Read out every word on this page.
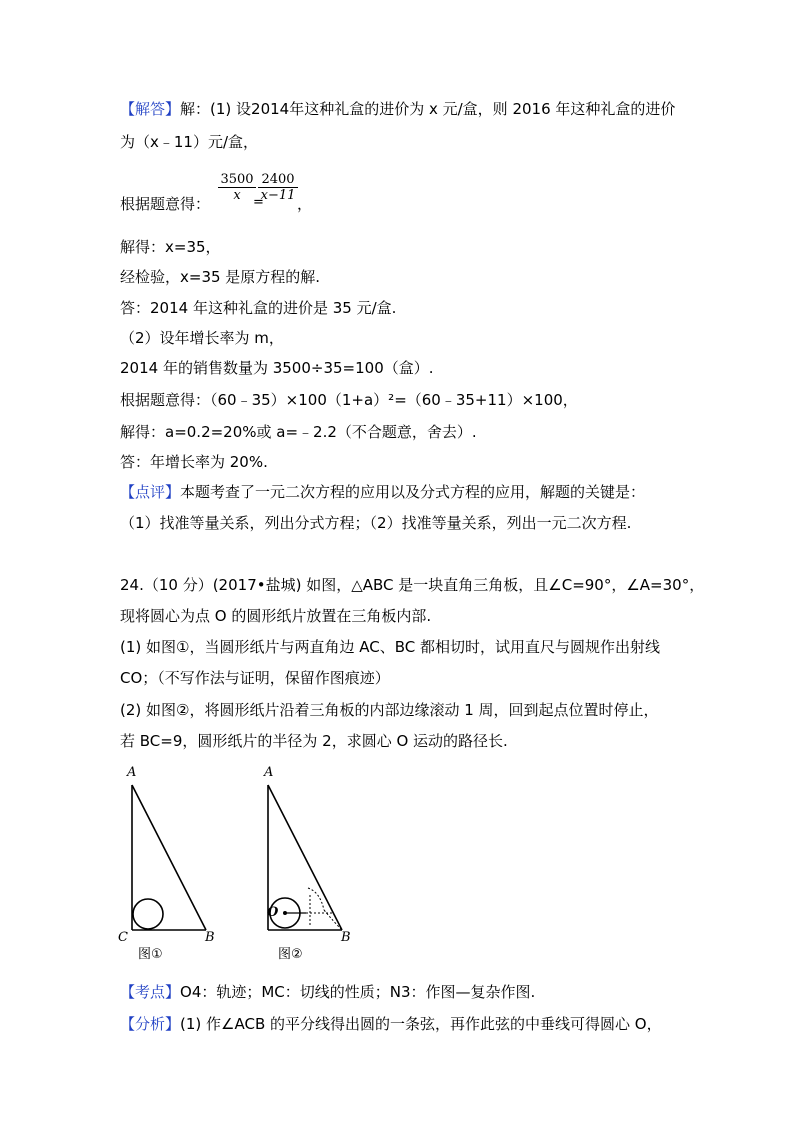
【解答】解：(1) 设2014年这种礼盒的进价为 x 元/盒，则 2016 年这种礼盒的进价
为（x﹣11）元/盒，
根据题意得：
$\frac{3500}{x}$
=
$\frac{2400}{x-11}$
，
解得：x=35，
经检验，x=35 是原方程的解.
答：2014 年这种礼盒的进价是 35 元/盒.
（2）设年增长率为 m，
2014 年的销售数量为 3500÷35=100（盒）.
根据题意得：（60﹣35）×100（1+a）²=（60﹣35+11）×100，
解得：a=0.2=20%或 a=﹣2.2（不合题意，舍去）.
答：年增长率为 20%.
【点评】本题考查了一元二次方程的应用以及分式方程的应用，解题的关键是：
（1）找准等量关系，列出分式方程；（2）找准等量关系，列出一元二次方程.
24.（10 分）(2017•盐城) 如图，△ABC 是一块直角三角板，且∠C=90°，∠A=30°，
现将圆心为点 O 的圆形纸片放置在三角板内部.
(1) 如图①，当圆形纸片与两直角边 AC、BC 都相切时，试用直尺与圆规作出射线
CO；（不写作法与证明，保留作图痕迹）
(2) 如图②，将圆形纸片沿着三角板的内部边缘滚动 1 周，回到起点位置时停止，
若 BC=9，圆形纸片的半径为 2，求圆心 O 运动的路径长.
A
C	B
图①
A
O
B
图②
【考点】O4：轨迹；MC：切线的性质；N3：作图—复杂作图.
【分析】(1) 作∠ACB 的平分线得出圆的一条弦，再作此弦的中垂线可得圆心 O，
